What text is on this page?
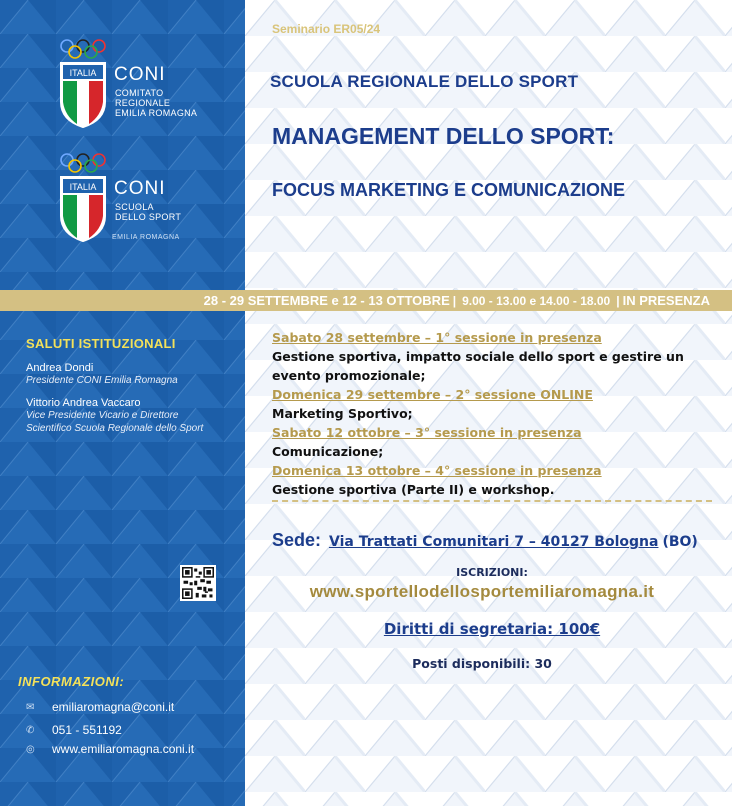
ITALIA CONI
COMITATO
REGIONALE
EMILIA ROMAGNA
ITALIA CONI
SCUOLA
DELLO SPORT
EMILIA ROMAGNA
SALUTI ISTITUZIONALI
Andrea Dondi
Presidente CONI Emilia Romagna
Vittorio Andrea Vaccaro
Vice Presidente Vicario e Direttore
Scientifico Scuola Regionale dello Sport
INFORMAZIONI:
✉	emiliaromagna@coni.it
✆	051 - 551192
◎	www.emiliaromagna.coni.it
Seminario ER05/24
SCUOLA REGIONALE DELLO SPORT
MANAGEMENT DELLO SPORT:
FOCUS MARKETING E COMUNICAZIONE
28 - 29 SETTEMBRE e 12 - 13 OTTOBRE | 9.00 - 13.00 e 14.00 - 18.00 | IN PRESENZA
Sabato 28 settembre – 1° sessione in presenza
Gestione sportiva, impatto sociale dello sport e gestire un evento promozionale;
Domenica 29 settembre – 2° sessione ONLINE
Marketing Sportivo;
Sabato 12 ottobre – 3° sessione in presenza
Comunicazione;
Domenica 13 ottobre – 4° sessione in presenza
Gestione sportiva (Parte II) e workshop.
Sede: Via Trattati Comunitari 7 – 40127 Bologna (BO)
ISCRIZIONI:
www.sportellodellosportemiliaromagna.it
Diritti di segretaria: 100€
Posti disponibili: 30
